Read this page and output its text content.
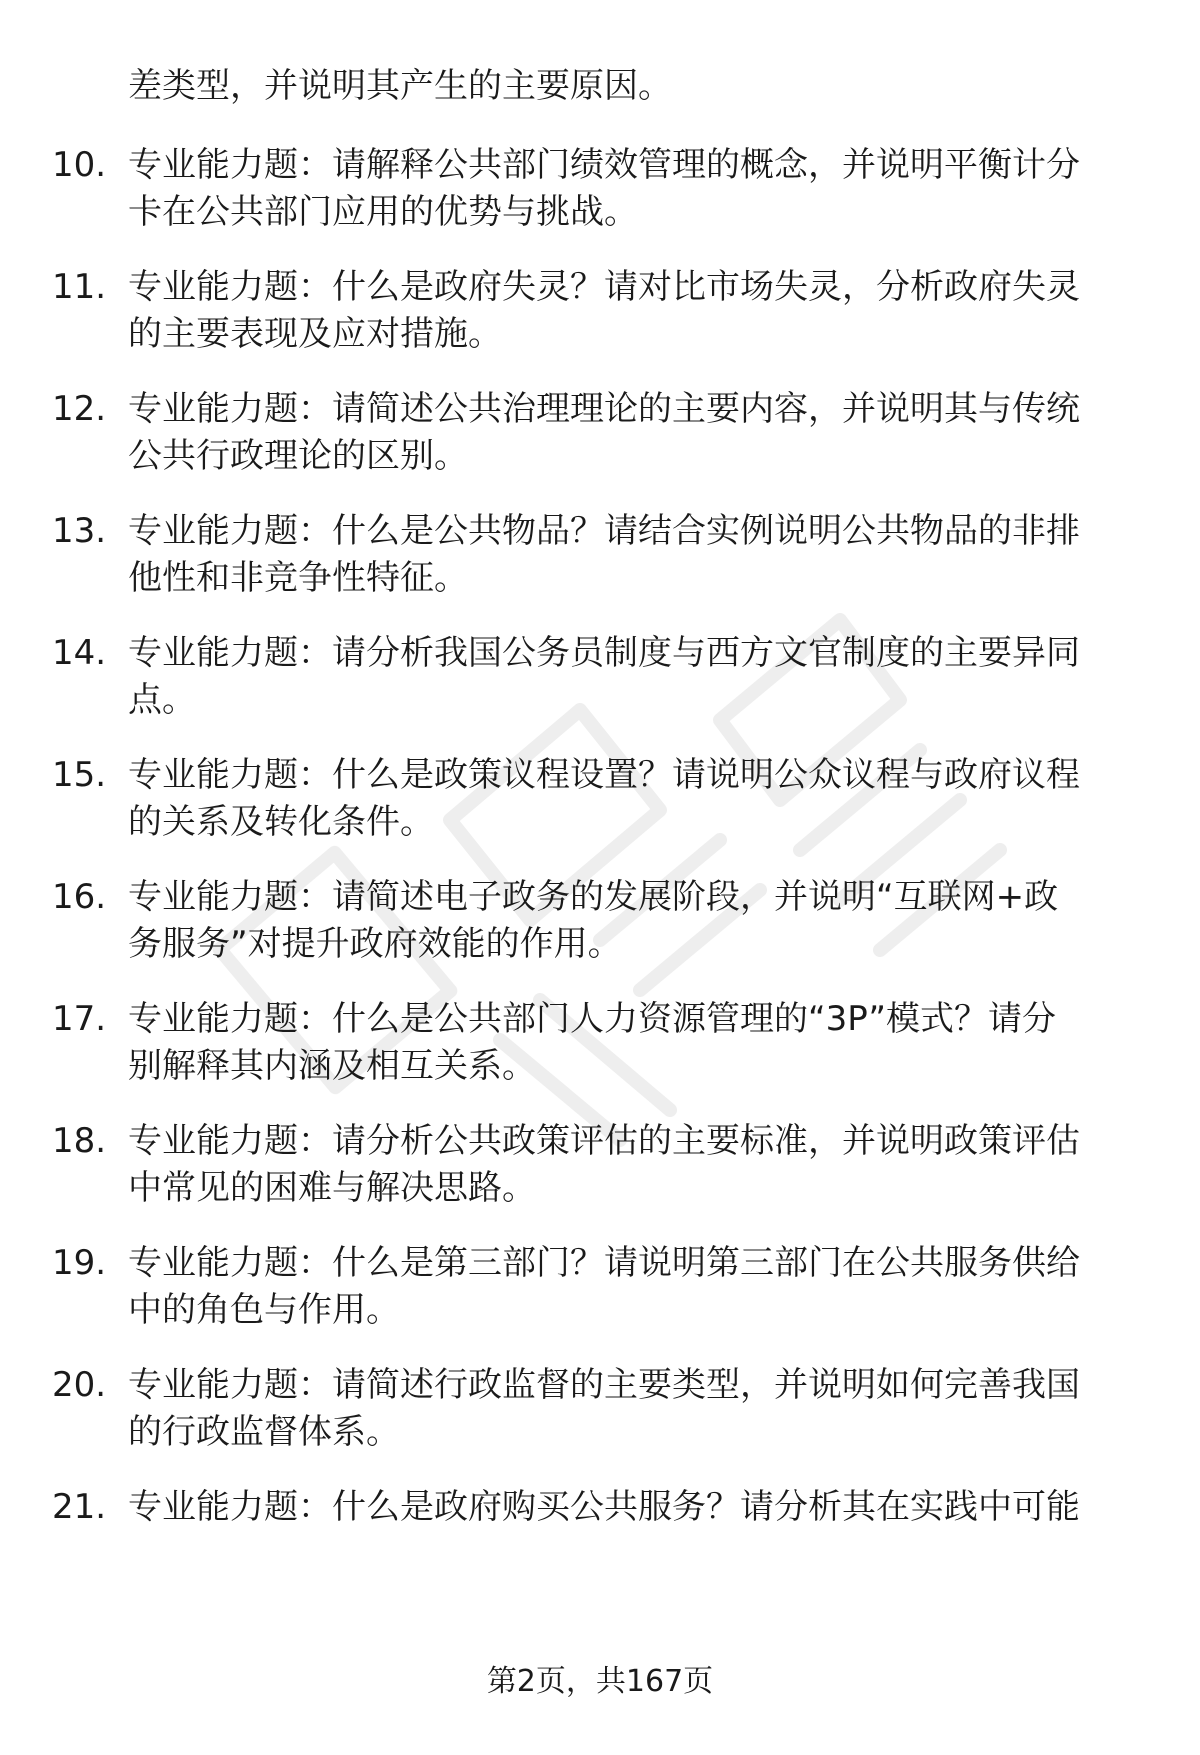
差类型，并说明其产生的主要原因。
10. 专业能力题：请解释公共部门绩效管理的概念，并说明平衡计分
卡在公共部门应用的优势与挑战。
11. 专业能力题：什么是政府失灵？请对比市场失灵，分析政府失灵
的主要表现及应对措施。
12. 专业能力题：请简述公共治理理论的主要内容，并说明其与传统
公共行政理论的区别。
13. 专业能力题：什么是公共物品？请结合实例说明公共物品的非排
他性和非竞争性特征。
14. 专业能力题：请分析我国公务员制度与西方文官制度的主要异同
点。
15. 专业能力题：什么是政策议程设置？请说明公众议程与政府议程
的关系及转化条件。
16. 专业能力题：请简述电子政务的发展阶段，并说明“互联网+政
务服务”对提升政府效能的作用。
17. 专业能力题：什么是公共部门人力资源管理的“3P”模式？请分
别解释其内涵及相互关系。
18. 专业能力题：请分析公共政策评估的主要标准，并说明政策评估
中常见的困难与解决思路。
19. 专业能力题：什么是第三部门？请说明第三部门在公共服务供给
中的角色与作用。
20. 专业能力题：请简述行政监督的主要类型，并说明如何完善我国
的行政监督体系。
21. 专业能力题：什么是政府购买公共服务？请分析其在实践中可能
第2页，共167页
